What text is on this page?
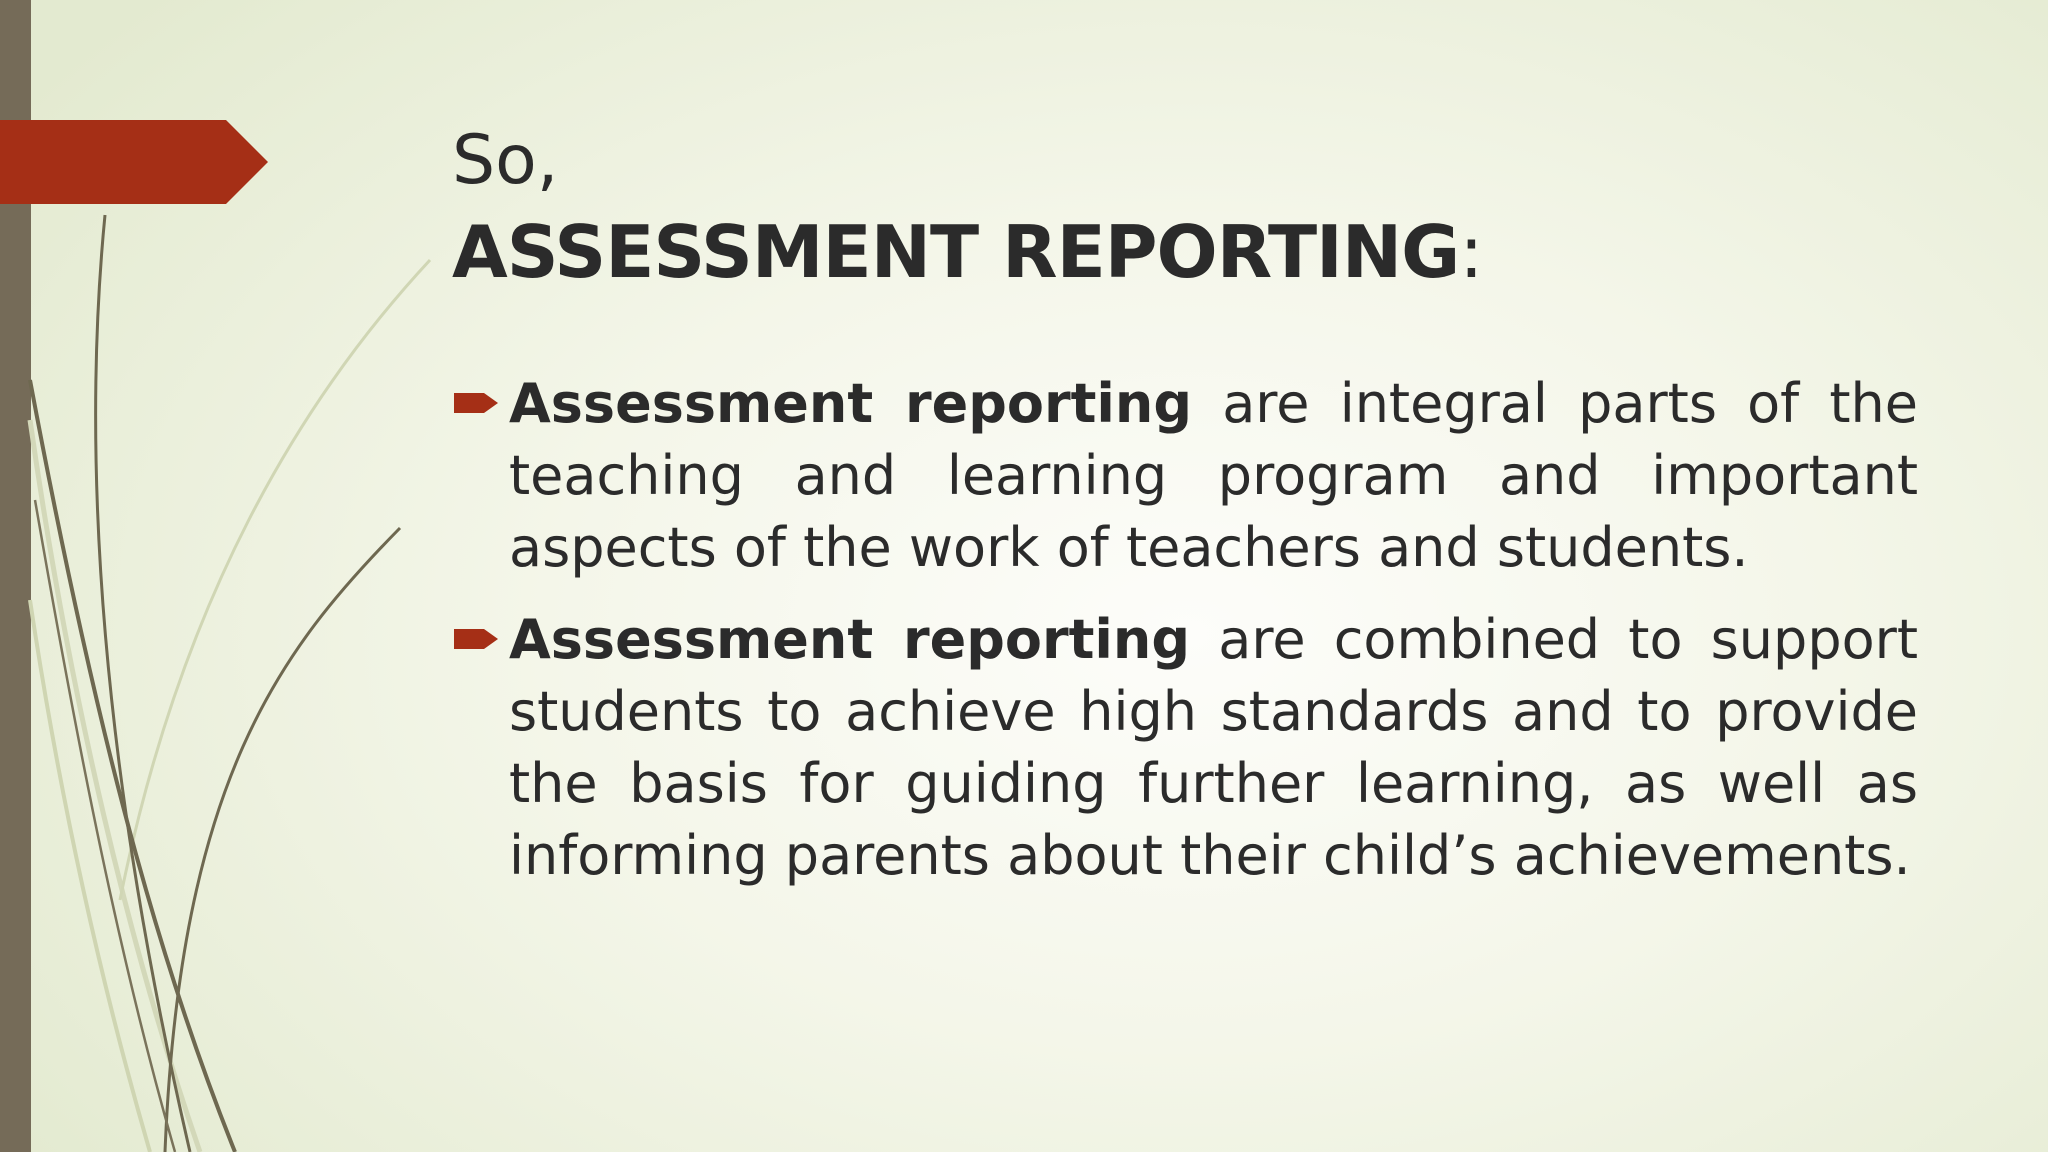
So,
ASSESSMENT REPORTING:
Assessment reporting are integral parts of the teaching and learning program and important aspects of the work of teachers and students.
Assessment reporting are combined to support students to achieve high standards and to provide the basis for guiding further learning, as well as informing parents about their child’s achievements.
